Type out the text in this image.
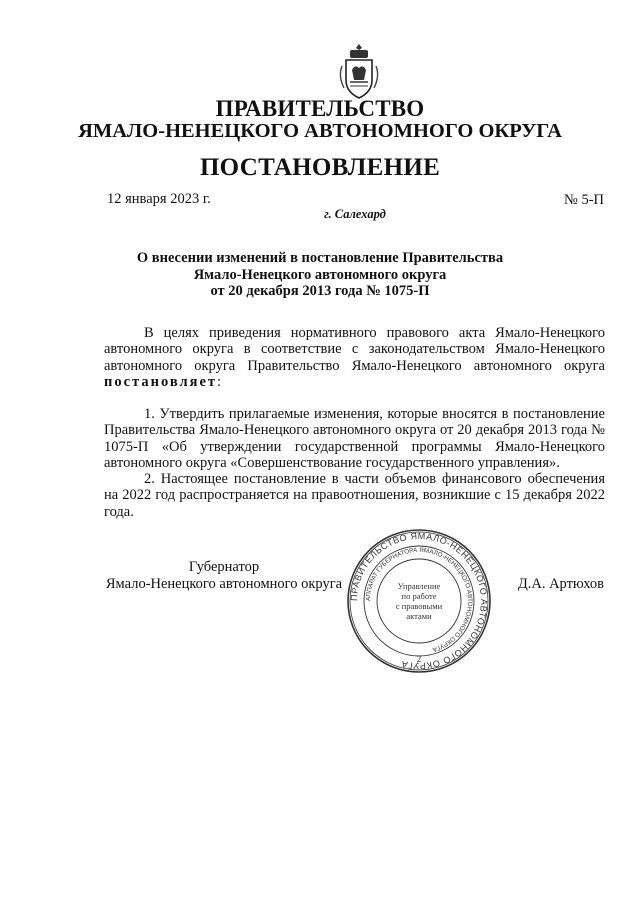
ПРАВИТЕЛЬСТВО
ЯМАЛО-НЕНЕЦКОГО АВТОНОМНОГО ОКРУГА
ПОСТАНОВЛЕНИЕ
12 января 2023 г.	№ 5-П
г. Салехард
О внесении изменений в постановление Правительства
Ямало-Ненецкого автономного округа
от 20 декабря 2013 года № 1075-П

В целях приведения нормативного правового акта Ямало-Ненецкого автономного округа в соответствие с законодательством Ямало-Ненецкого автономного округа Правительство Ямало-Ненецкого автономного округа постановляет:

1. Утвердить прилагаемые изменения, которые вносятся в постановление Правительства Ямало-Ненецкого автономного округа от 20 декабря 2013 года № 1075-П «Об утверждении государственной программы Ямало-Ненецкого автономного округа «Совершенствование государственного управления».

2. Настоящее постановление в части объемов финансового обеспечения на 2022 год распространяется на правоотношения, возникшие с 15 декабря 2022 года.

Губернатор
Ямало-Ненецкого автономного округа	Д.А. Артюхов
ПРАВИТЕЛЬСТВО ЯМАЛО-НЕНЕЦКОГО АВТОНОМНОГО ОКРУГА
АППАРАТ ГУБЕРНАТОРА ЯМАЛО-НЕНЕЦКОГО АВТОНОМНОГО ОКРУГА
Управление
по работе
с правовыми
актами
2
